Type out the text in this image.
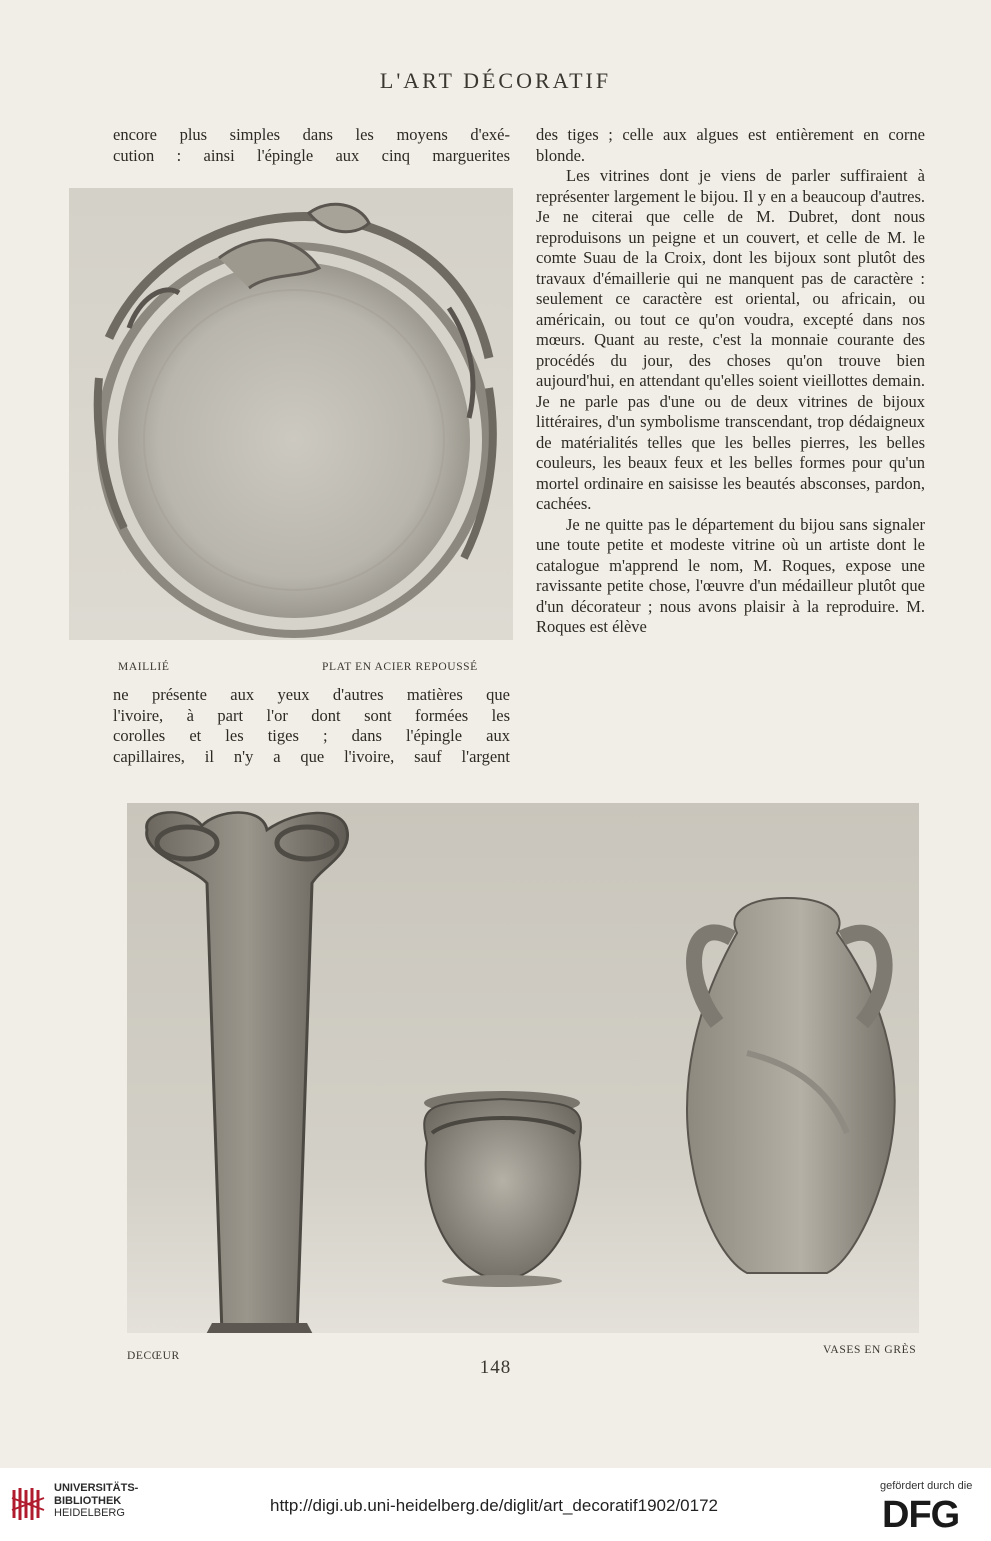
L'ART DÉCORATIF

encore plus simples dans les moyens d'exé-

cution : ainsi l'épingle aux cinq marguerites

MAILLIÉ	PLAT EN ACIER REPOUSSÉ

ne présente aux yeux d'autres matières que

l'ivoire, à part l'or dont sont formées les

corolles et les tiges ; dans l'épingle aux

capillaires, il n'y a que l'ivoire, sauf l'argent

des tiges ; celle aux algues est entièrement en corne blonde.

Les vitrines dont je viens de parler suffiraient à représenter largement le bijou. Il y en a beaucoup d'autres. Je ne citerai que celle de M. Dubret, dont nous reproduisons un peigne et un couvert, et celle de M. le comte Suau de la Croix, dont les bijoux sont plutôt des travaux d'émaillerie qui ne manquent pas de caractère : seulement ce caractère est oriental, ou africain, ou américain, ou tout ce qu'on voudra, excepté dans nos mœurs. Quant au reste, c'est la monnaie courante des procédés du jour, des choses qu'on trouve bien aujourd'hui, en attendant qu'elles soient vieillottes demain. Je ne parle pas d'une ou de deux vitrines de bijoux littéraires, d'un symbolisme transcendant, trop dédaigneux de matérialités telles que les belles pierres, les belles couleurs, les beaux feux et les belles formes pour qu'un mortel ordinaire en saisisse les beautés absconses, pardon, cachées.

Je ne quitte pas le département du bijou sans signaler une toute petite et modeste vitrine où un artiste dont le catalogue m'apprend le nom, M. Roques, expose une ravissante petite chose, l'œuvre d'un médailleur plutôt que d'un décorateur ; nous avons plaisir à la reproduire. M. Roques est élève

Grand Ecole
DECŒUR	VASES EN GRÈS
148
UNIVERSITÄTS-
BIBLIOTHEK
HEIDELBERG	http://digi.ub.uni-heidelberg.de/diglit/art_decoratif1902/0172
gefördert durch die
DFG
